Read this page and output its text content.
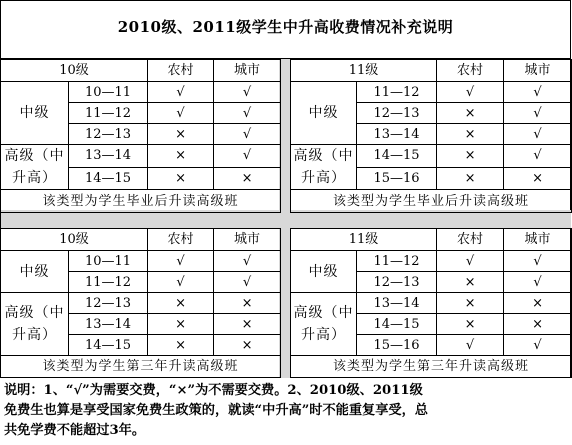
2010级、2011级学生中升高收费情况补充说明
10级		农村	城市
中级	10—11	√	√
	11—12	√	√
	12—13	×	√
高级（中
升高）	13—14	×	√
	14—15	×	×
该类型为学生毕业后升读高级班			
11级		农村	城市
中级	11—12	√	√
	12—13	×	√
	13—14	×	√
高级（中
升高）	14—15	×	√
	15—16	×	×
该类型为学生毕业后升读高级班			
10级		农村	城市
中级	10—11	√	√
	11—12	√	√
高级（中
升高）	12—13	×	×
	13—14	×	×
	14—15	×	×
该类型为学生第三年升读高级班			
11级		农村	城市
中级	11—12	√	√
	12—13	×	√
高级（中
升高）	13—14	×	×
	14—15	×	×
	15—16	√	√
该类型为学生第三年升读高级班			

说明：1、“√”为需要交费，“×”为不需要交费。2、2010级、2011级

免费生也算是享受国家免费生政策的，就读“中升高”时不能重复享受，总

共免学费不能超过3年。
